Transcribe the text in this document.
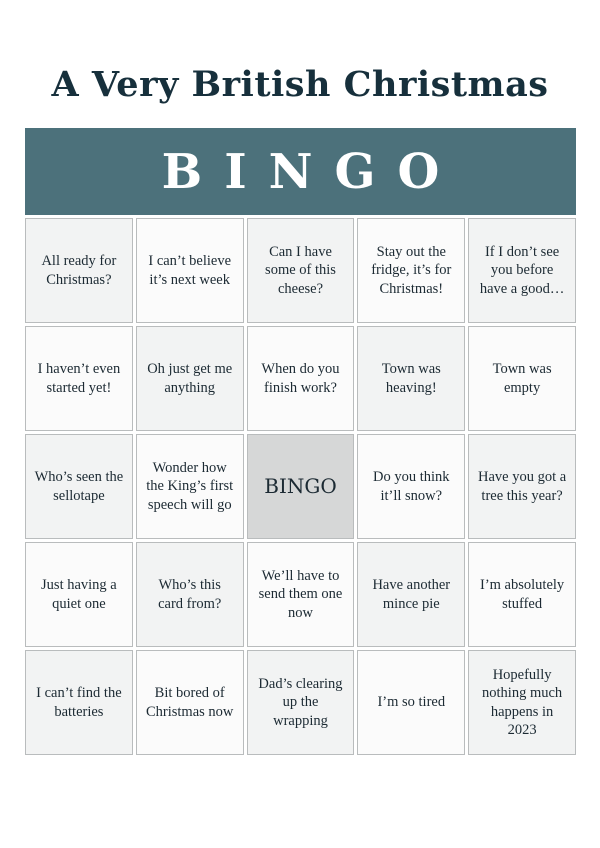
A Very British Christmas
BINGO
All ready for Christmas?
I can’t believe it’s next week
Can I have some of this cheese?
Stay out the fridge, it’s for Christmas!
If I don’t see you before have a good…
I haven’t even started yet!
Oh just get me anything
When do you finish work?
Town was heaving!
Town was empty
Who’s seen the sellotape
Wonder how the King’s first speech will go
BINGO	Do you think it’ll snow?
Have you got a tree this year?
Just having a quiet one
Who’s this card from?
We’ll have to send them one now
Have another mince pie
I’m absolutely stuffed
I can’t find the batteries
Bit bored of Christmas now
Dad’s clearing up the wrapping
I’m so tired
Hopefully nothing much happens in 2023
